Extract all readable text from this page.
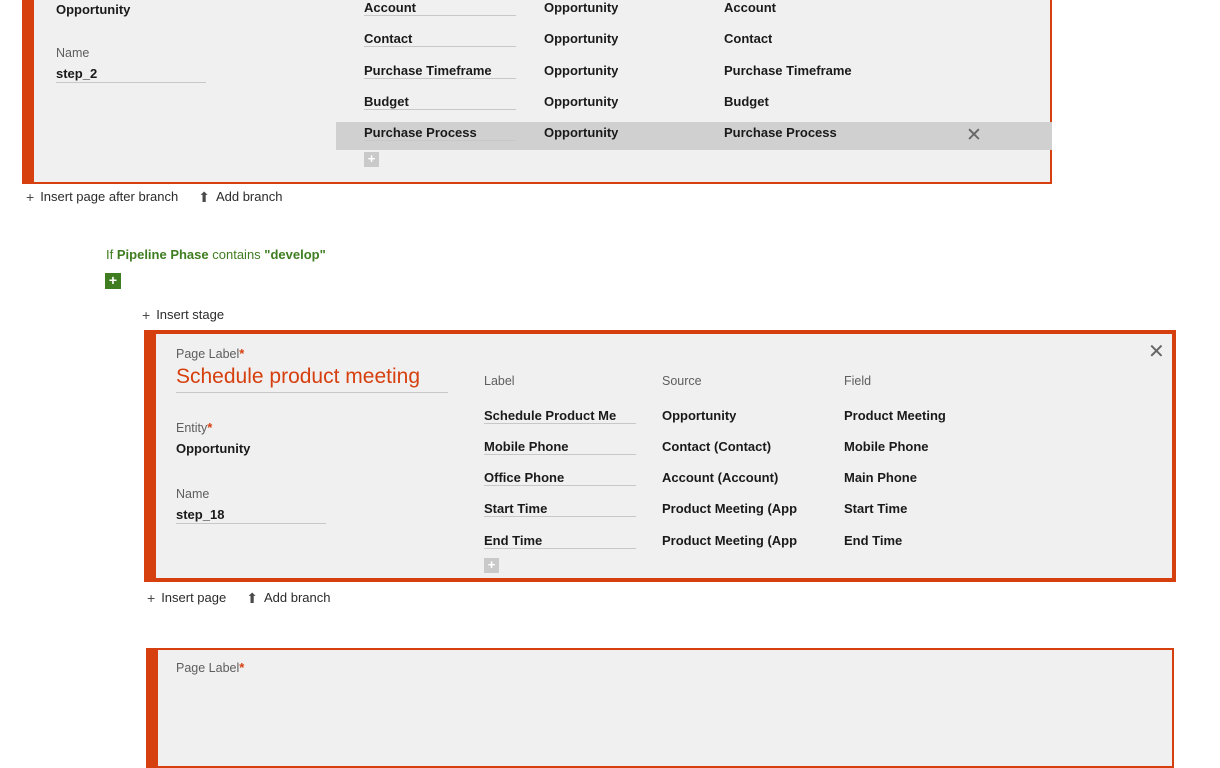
Opportunity
Name
step_2
Account	Opportunity	Account
Contact	Opportunity	Contact
Purchase Timeframe	Opportunity	Purchase Timeframe
Budget	Opportunity	Budget
Purchase Process	Opportunity	Purchase Process	✕
+
+ Insert page after branch ⬆ Add branch
If Pipeline Phase contains "develop"
+
+ Insert stage
✕
Page Label*
Schedule product meeting
Entity*
Opportunity
Name
step_18
Label	Source	Field
Schedule Product Me	Opportunity	Product Meeting
Mobile Phone	Contact (Contact)	Mobile Phone
Office Phone	Account (Account)	Main Phone
Start Time	Product Meeting (App	Start Time
End Time	Product Meeting (App	End Time
+
+ Insert page ⬆ Add branch
Page Label*
